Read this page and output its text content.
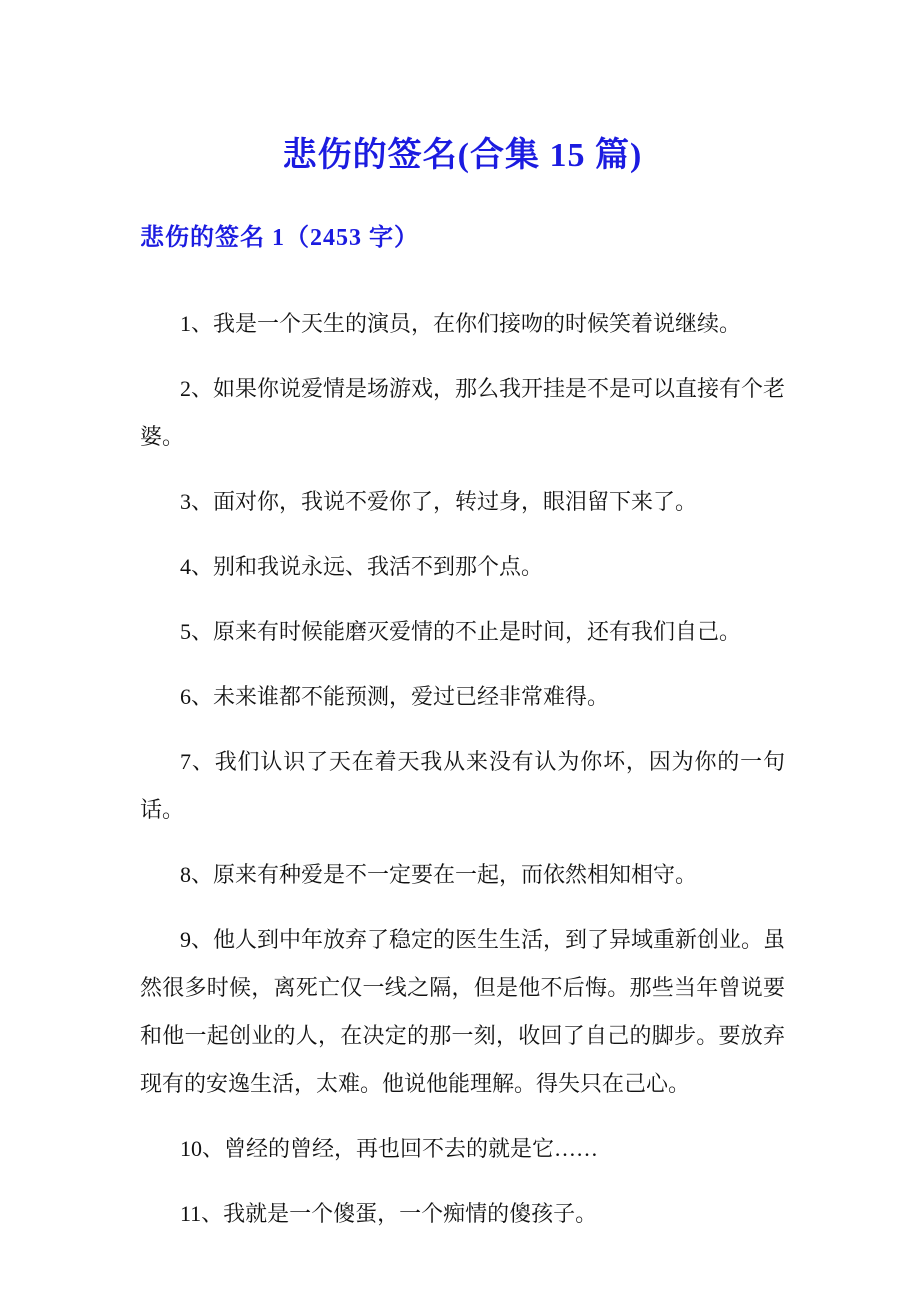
悲伤的签名(合集 15 篇)
悲伤的签名 1（2453 字）

1、我是一个天生的演员，在你们接吻的时候笑着说继续。

2、如果你说爱情是场游戏，那么我开挂是不是可以直接有个老婆。

3、面对你，我说不爱你了，转过身，眼泪留下来了。

4、别和我说永远、我活不到那个点。

5、原来有时候能磨灭爱情的不止是时间，还有我们自己。

6、未来谁都不能预测，爱过已经非常难得。

7、我们认识了天在着天我从来没有认为你坏，因为你的一句话。

8、原来有种爱是不一定要在一起，而依然相知相守。

9、他人到中年放弃了稳定的医生生活，到了异域重新创业。虽然很多时候，离死亡仅一线之隔，但是他不后悔。那些当年曾说要和他一起创业的人，在决定的那一刻，收回了自己的脚步。要放弃现有的安逸生活，太难。他说他能理解。得失只在己心。

10、曾经的曾经，再也回不去的就是它……

11、我就是一个傻蛋，一个痴情的傻孩子。
